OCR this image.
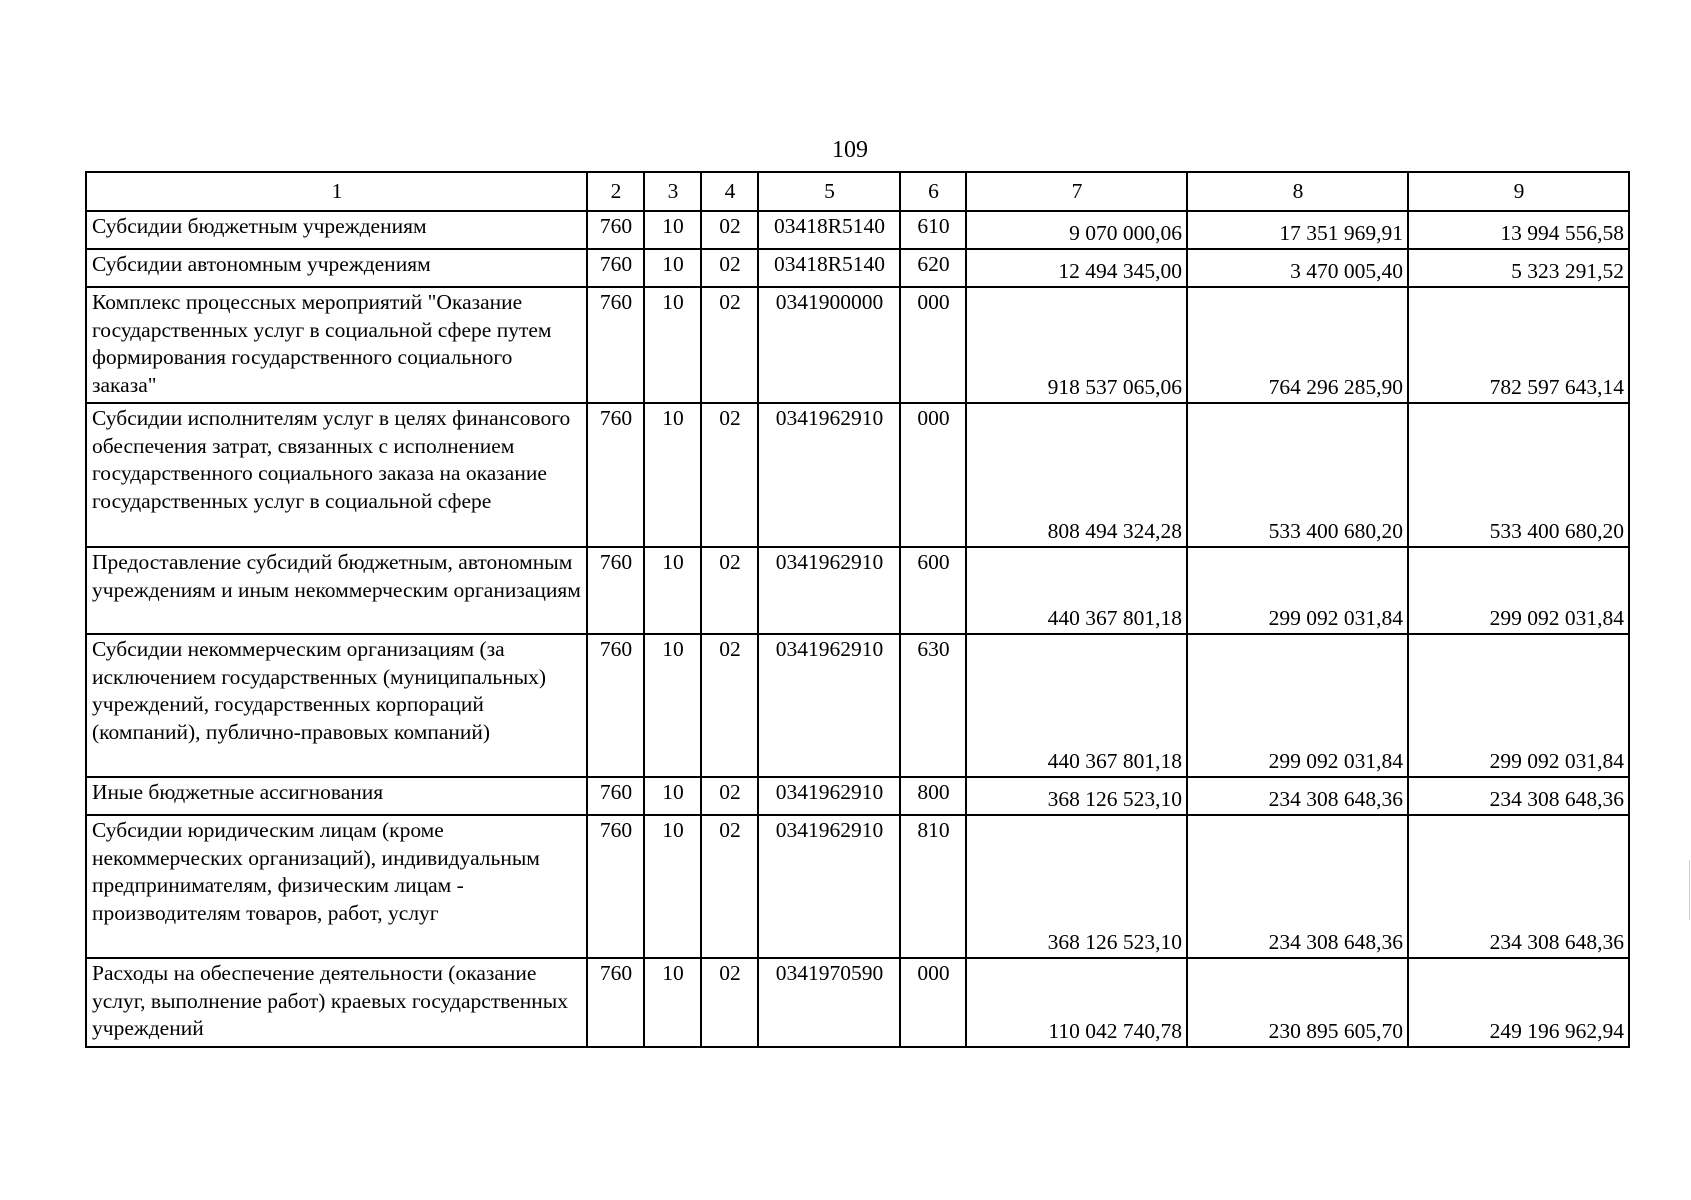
109
1	2	3	4	5	6	7	8	9
Субсидии бюджетным учреждениям	760	10	02	03418R5140	610	9 070 000,06	17 351 969,91	13 994 556,58
Субсидии автономным учреждениям	760	10	02	03418R5140	620	12 494 345,00	3 470 005,40	5 323 291,52
Комплекс процессных мероприятий "Оказание государственных услуг в социальной сфере путем формирования государственного социального заказа"	760	10	02	0341900000	000	918 537 065,06	764 296 285,90	782 597 643,14
Субсидии исполнителям услуг в целях финансового обеспечения затрат, связанных с исполнением государственного социального заказа на оказание государственных услуг в социальной сфере	760	10	02	0341962910	000	808 494 324,28	533 400 680,20	533 400 680,20
Предоставление субсидий бюджетным, автономным учреждениям и иным некоммерческим организациям	760	10	02	0341962910	600	440 367 801,18	299 092 031,84	299 092 031,84
Субсидии некоммерческим организациям (за исключением государственных (муниципальных) учреждений, государственных корпораций (компаний), публично-правовых компаний)	760	10	02	0341962910	630	440 367 801,18	299 092 031,84	299 092 031,84
Иные бюджетные ассигнования	760	10	02	0341962910	800	368 126 523,10	234 308 648,36	234 308 648,36
Субсидии юридическим лицам (кроме некоммерческих организаций), индивидуальным предпринимателям, физическим лицам - производителям товаров, работ, услуг	760	10	02	0341962910	810	368 126 523,10	234 308 648,36	234 308 648,36
Расходы на обеспечение деятельности (оказание услуг, выполнение работ) краевых государственных учреждений	760	10	02	0341970590	000	110 042 740,78	230 895 605,70	249 196 962,94
